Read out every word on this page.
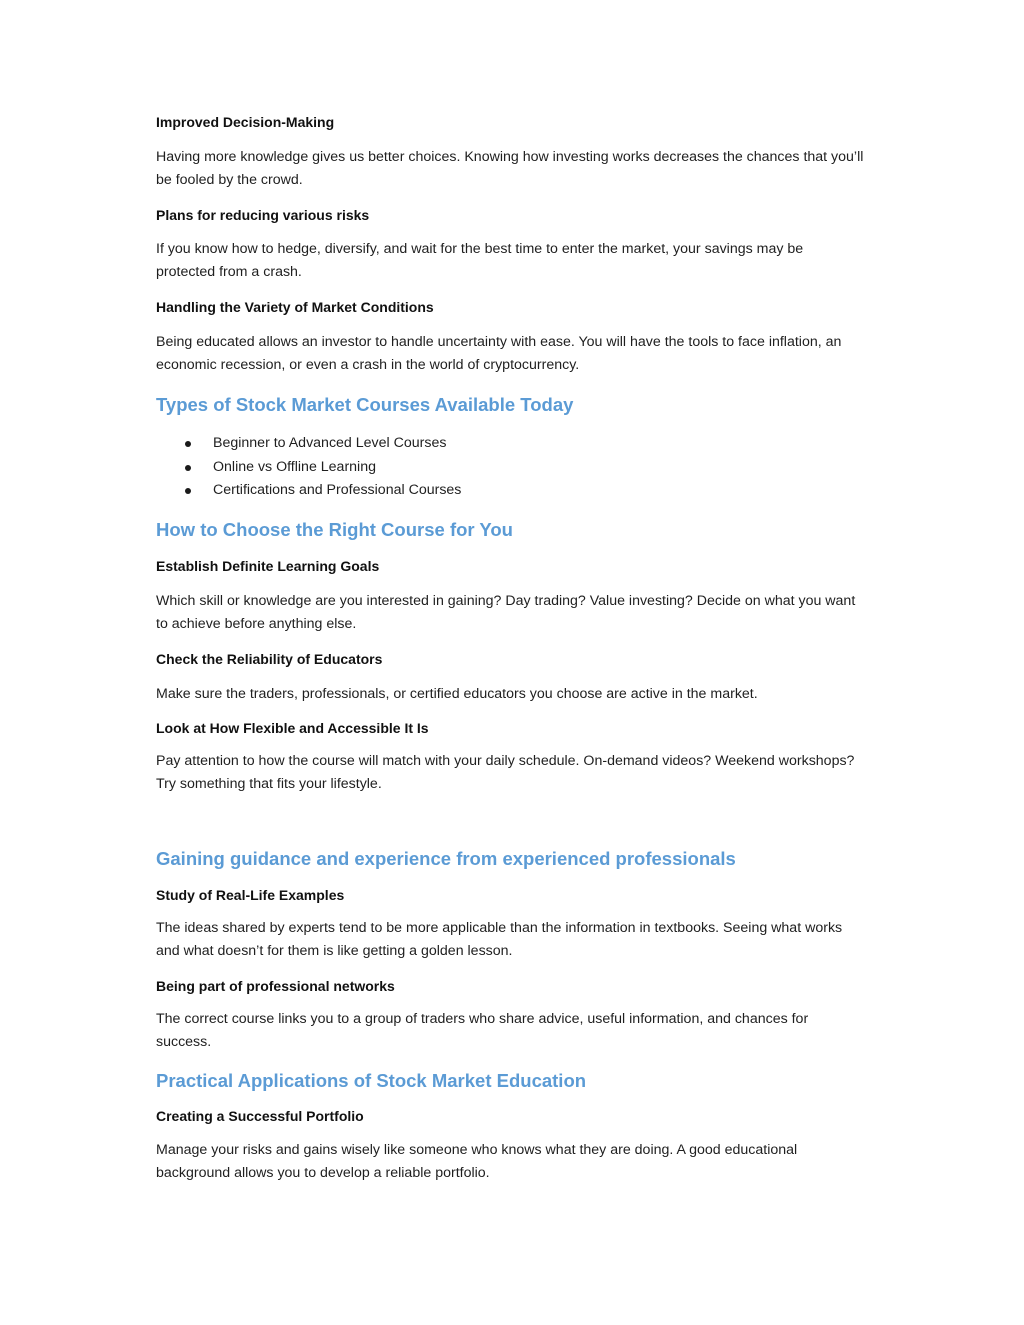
Improved Decision-Making

Having more knowledge gives us better choices. Knowing how investing works decreases the chances that you’ll be fooled by the crowd.

Plans for reducing various risks

If you know how to hedge, diversify, and wait for the best time to enter the market, your savings may be protected from a crash.

Handling the Variety of Market Conditions

Being educated allows an investor to handle uncertainty with ease. You will have the tools to face inflation, an economic recession, or even a crash in the world of cryptocurrency.

Types of Stock Market Courses Available Today
Beginner to Advanced Level Courses
Online vs Offline Learning
Certifications and Professional Courses
How to Choose the Right Course for You

Establish Definite Learning Goals

Which skill or knowledge are you interested in gaining? Day trading? Value investing? Decide on what you want to achieve before anything else.

Check the Reliability of Educators

Make sure the traders, professionals, or certified educators you choose are active in the market.

Look at How Flexible and Accessible It Is

Pay attention to how the course will match with your daily schedule. On-demand videos? Weekend workshops? Try something that fits your lifestyle.

Gaining guidance and experience from experienced professionals

Study of Real-Life Examples

The ideas shared by experts tend to be more applicable than the information in textbooks. Seeing what works and what doesn’t for them is like getting a golden lesson.

Being part of professional networks

The correct course links you to a group of traders who share advice, useful information, and chances for success.

Practical Applications of Stock Market Education

Creating a Successful Portfolio

Manage your risks and gains wisely like someone who knows what they are doing. A good educational background allows you to develop a reliable portfolio.
